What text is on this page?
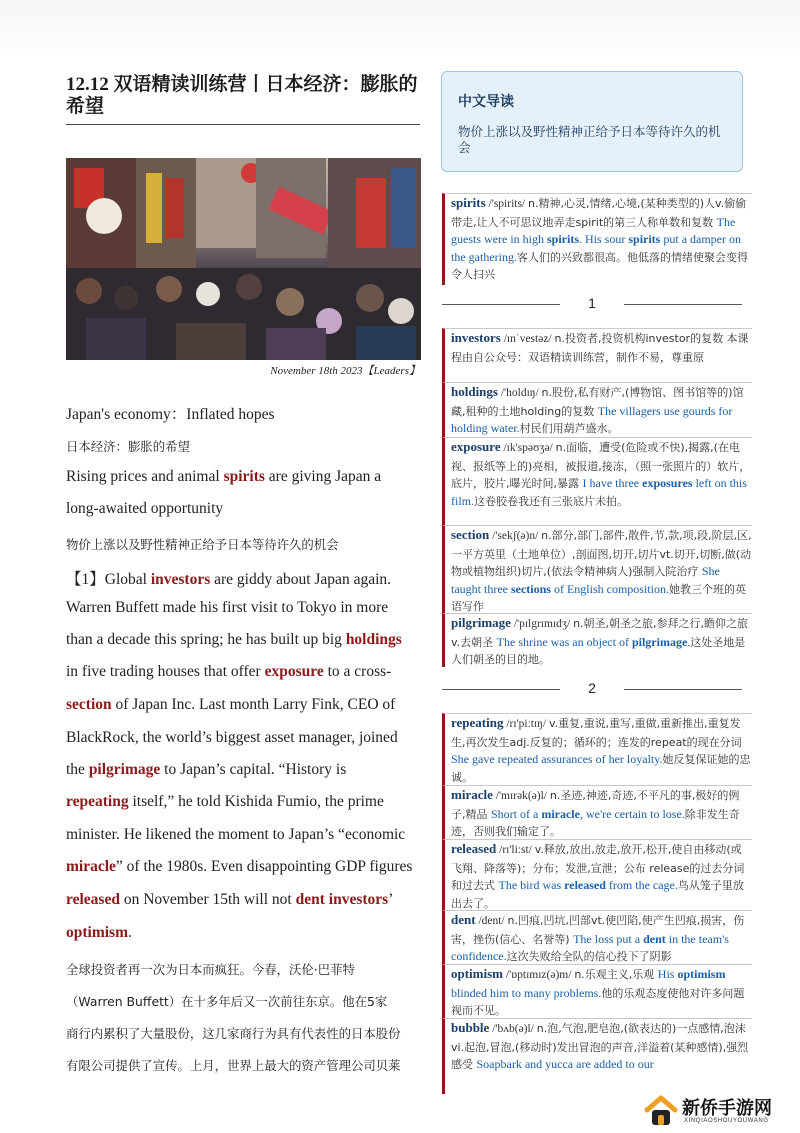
12.12 双语精读训练营丨日本经济：膨胀的希望
November 18th 2023【Leaders】
Japan's economy：Inflated hopes
日本经济：膨胀的希望
Rising prices and animal spirits are giving Japan a
long-awaited opportunity
物价上涨以及野性精神正给予日本等待许久的机会
【1】Global investors are giddy about Japan again.
Warren Buffett made his first visit to Tokyo in more
than a decade this spring; he has built up big holdings
in five trading houses that offer exposure to a cross-
section of Japan Inc. Last month Larry Fink, CEO of
BlackRock, the world’s biggest asset manager, joined
the pilgrimage to Japan’s capital. “History is
repeating itself,” he told Kishida Fumio, the prime
minister. He likened the moment to Japan’s “economic
miracle” of the 1980s. Even disappointing GDP figures
released on November 15th will not dent investors’
optimism.
全球投资者再一次为日本而疯狂。今春，沃伦·巴菲特
（Warren Buffett）在十多年后又一次前往东京。他在5家
商行内累积了大量股份，这几家商行为具有代表性的日本股份
有限公司提供了宣传。上月，世界上最大的资产管理公司贝莱
中文导读
物价上涨以及野性精神正给予日本等待许久的机会
spirits /'spirits/ n.精神,心灵,情绪,心境,(某种类型的)人v.偷偷带走,让人不可思议地弄走spirit的第三人称单数和复数 The guests were in high spirits. His sour spirits put a damper on the gathering.客人们的兴致都很高。他低落的情绪使聚会变得令人扫兴
1
investors /ɪnˈvestəz/ n.投资者,投资机构investor的复数 本课程由自公众号：双语精读训练营，制作不易，尊重原
holdings /'holdɪŋ/ n.股份,私有财产,(博物馆、图书馆等的)馆藏,租种的土地holding的复数 The villagers use gourds for holding water.村民们用葫芦盛水。
exposure /ɪk'spəʊʒə/ n.面临，遭受(危险或不快),揭露,(在电视、报纸等上的)亮相，被报道,接冻，（照一张照片的）软片，底片，胶片,曝光时间,暴露 I have three exposures left on this film.这卷胶卷我还有三张底片未拍。
section /'sekʃ(ə)n/ n.部分,部门,部件,散件,节,款,项,段,阶层,区,一平方英里（土地单位）,剖面图,切开,切片vt.切开,切断,做(动物或植物组织)切片,(依法令精神病人)强制入院治疗 She taught three sections of English composition.她教三个班的英语写作
pilgrimage /'pɪlgrɪmɪdʒ/ n.朝圣,朝圣之旅,参拜之行,瞻仰之旅v.去朝圣 The shrine was an object of pilgrimage.这处圣地是人们朝圣的目的地。
2
repeating /rɪ'piːtɪŋ/ v.重复,重说,重写,重做,重新推出,重复发生,再次发生adj.反复的；循环的；连发的repeat的现在分词 She gave repeated assurances of her loyalty.她反复保证她的忠诚。
miracle /'mɪrək(ə)l/ n.圣迹,神迹,奇迹,不平凡的事,极好的例子,精品 Short of a miracle, we're certain to lose.除非发生奇迹，否则我们输定了。
released /rɪ'liːst/ v.释放,放出,放走,放开,松开,使自由移动(或飞翔、降落等)；分布；发泄,宣泄；公布 release的过去分词和过去式 The bird was released from the cage.鸟从笼子里放出去了。
dent /dent/ n.凹痕,凹坑,凹部vt.使凹陷,使产生凹痕,损害，伤害，挫伤(信心、名誉等) The loss put a dent in the team's confidence.这次失败给全队的信心投下了阴影
optimism /'ɒptɪmɪz(ə)m/ n.乐观主义,乐观 His optimism blinded him to many problems.他的乐观态度使他对许多问题视而不见。
bubble /'bʌb(ə)l/ n.泡,气泡,肥皂泡,(欲表达的)一点感情,泡沫vi.起泡,冒泡,(移动时)发出冒泡的声音,洋溢着(某种感情),强烈感受 Soapbark and yucca are added to our
新侨手游网
XINQIAOSHOUYOUWANG
